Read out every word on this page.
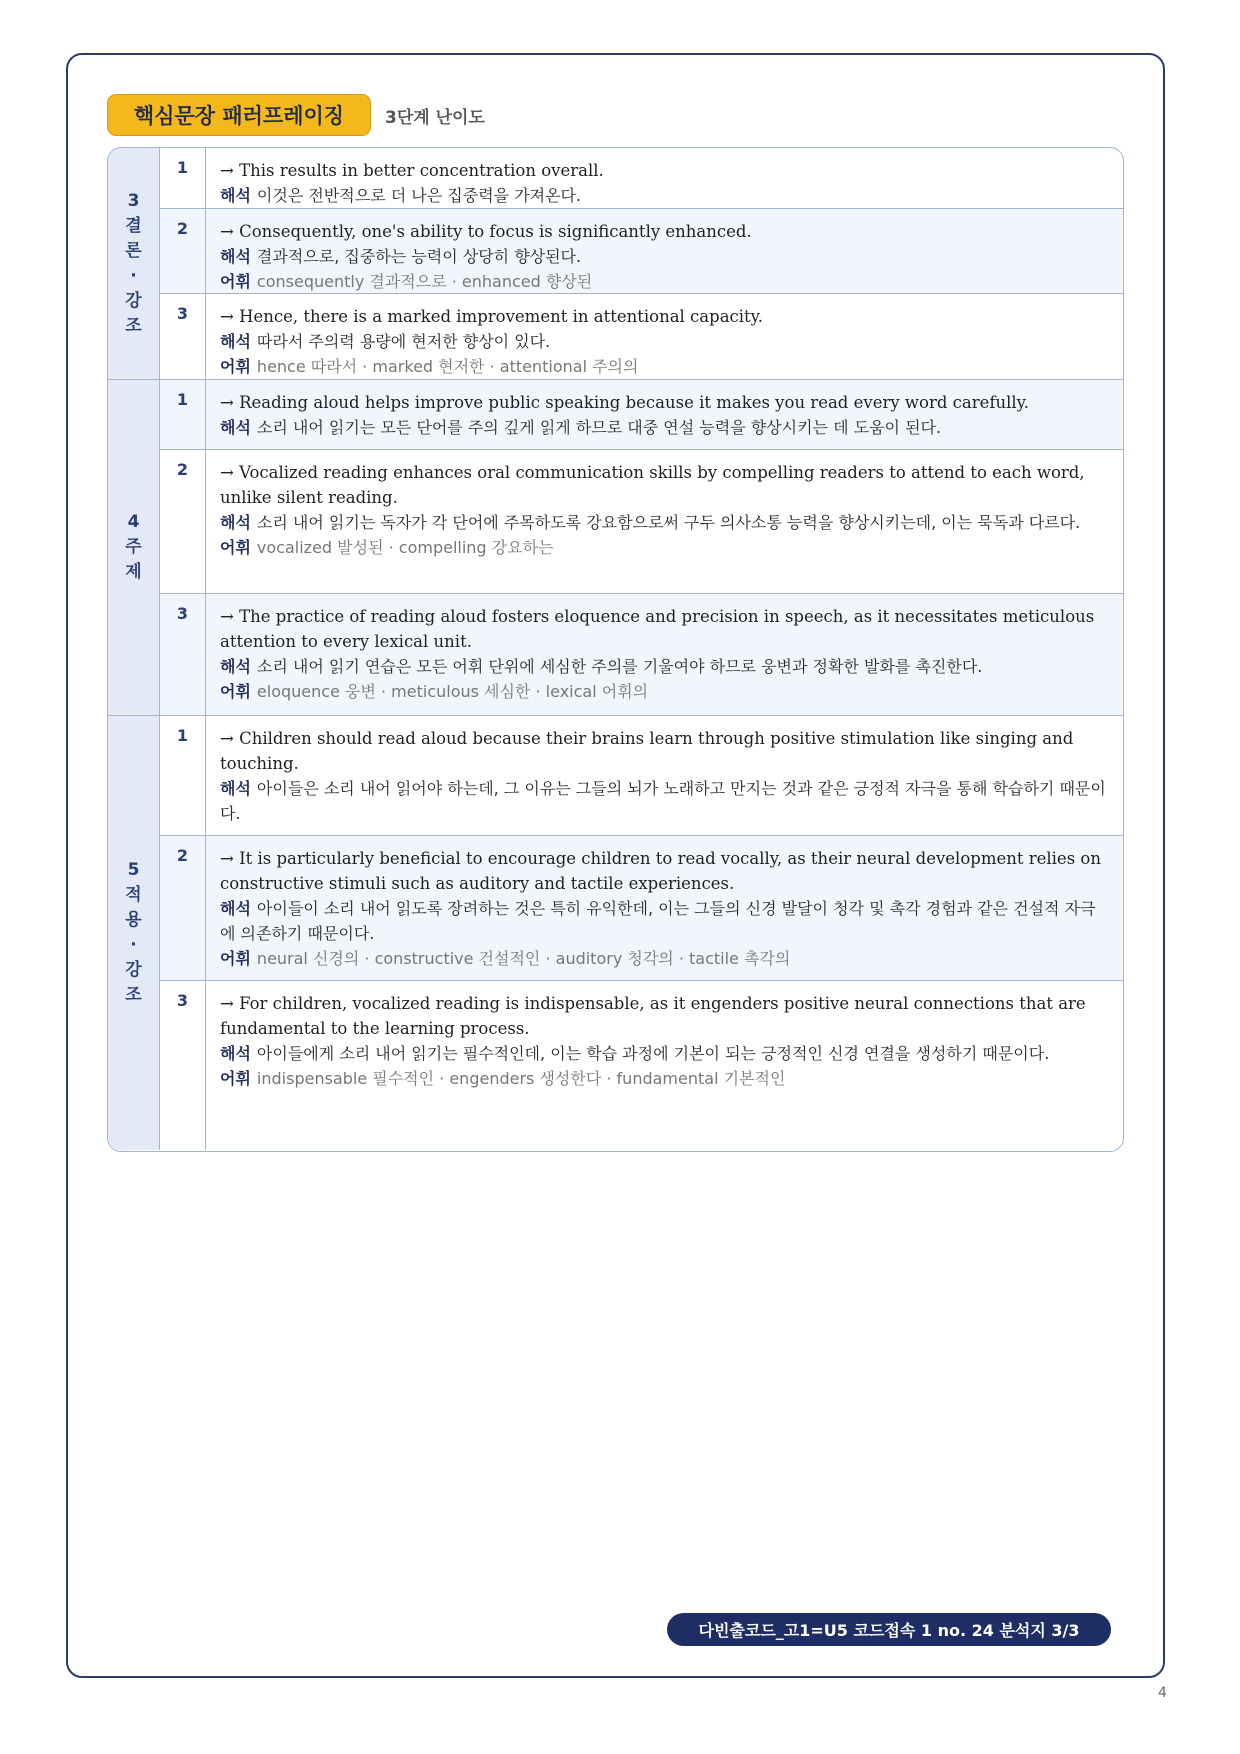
핵심문장 패러프레이징	3단계 난이도
3 결론·강조
1	→ This results in better concentration overall.
해석 이것은 전반적으로 더 나은 집중력을 가져온다.
2	→ Consequently, one's ability to focus is significantly enhanced.
해석 결과적으로, 집중하는 능력이 상당히 향상된다.
어휘 consequently 결과적으로 · enhanced 향상된
3	→ Hence, there is a marked improvement in attentional capacity.
해석 따라서 주의력 용량에 현저한 향상이 있다.
어휘 hence 따라서 · marked 현저한 · attentional 주의의
4 주제
1	→ Reading aloud helps improve public speaking because it makes you read every word carefully.
해석 소리 내어 읽기는 모든 단어를 주의 깊게 읽게 하므로 대중 연설 능력을 향상시키는 데 도움이 된다.
2	→ Vocalized reading enhances oral communication skills by compelling readers to attend to each word, unlike silent reading.
해석 소리 내어 읽기는 독자가 각 단어에 주목하도록 강요함으로써 구두 의사소통 능력을 향상시키는데, 이는 묵독과 다르다.
어휘 vocalized 발성된 · compelling 강요하는
3	→ The practice of reading aloud fosters eloquence and precision in speech, as it necessitates meticulous attention to every lexical unit.
해석 소리 내어 읽기 연습은 모든 어휘 단위에 세심한 주의를 기울여야 하므로 웅변과 정확한 발화를 촉진한다.
어휘 eloquence 웅변 · meticulous 세심한 · lexical 어휘의
5 적용·강조
1	→ Children should read aloud because their brains learn through positive stimulation like singing and touching.
해석 아이들은 소리 내어 읽어야 하는데, 그 이유는 그들의 뇌가 노래하고 만지는 것과 같은 긍정적 자극을 통해 학습하기 때문이다.
2	→ It is particularly beneficial to encourage children to read vocally, as their neural development relies on constructive stimuli such as auditory and tactile experiences.
해석 아이들이 소리 내어 읽도록 장려하는 것은 특히 유익한데, 이는 그들의 신경 발달이 청각 및 촉각 경험과 같은 건설적 자극에 의존하기 때문이다.
어휘 neural 신경의 · constructive 건설적인 · auditory 청각의 · tactile 촉각의
3	→ For children, vocalized reading is indispensable, as it engenders positive neural connections that are fundamental to the learning process.
해석 아이들에게 소리 내어 읽기는 필수적인데, 이는 학습 과정에 기본이 되는 긍정적인 신경 연결을 생성하기 때문이다.
어휘 indispensable 필수적인 · engenders 생성한다 · fundamental 기본적인
다빈출코드_고1=U5 코드접속 1 no. 24 분석지 3/3
4
